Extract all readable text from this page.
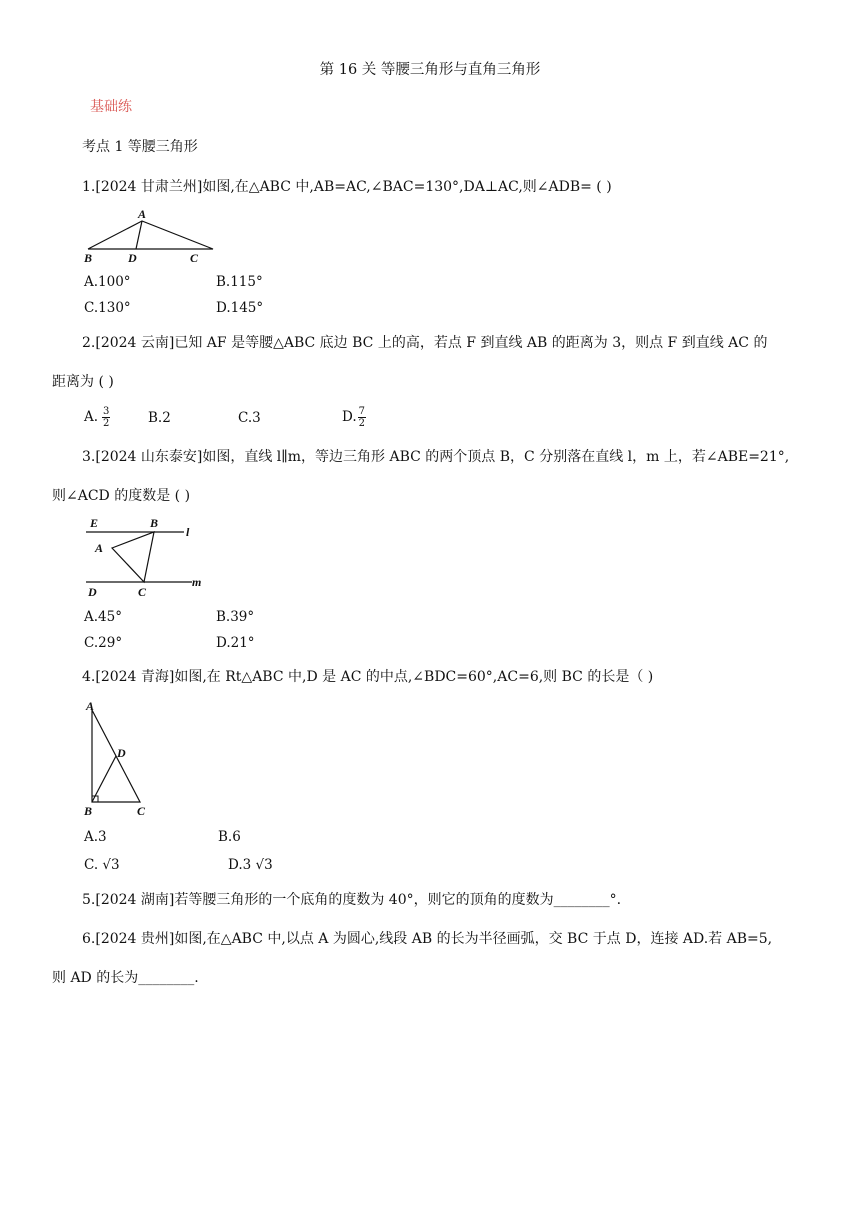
第 16 关 等腰三角形与直角三角形
基础练
考点 1 等腰三角形
1.[2024 甘肃兰州]如图,在△ABC 中,AB=AC,∠BAC=130°,DA⊥AC,则∠ADB= ( )
A
B	D	C
A.100°	B.115°
C.130°	D.145°
2.[2024 云南]已知 AF 是等腰△ABC 底边 BC 上的高，若点 F 到直线 AB 的距离为 3，则点 F 到直线 AC 的
距离为 ( )
A. $\frac{3}{2}$	B.2	C.3	D. $\frac{7}{2}$
3.[2024 山东泰安]如图，直线 l∥m，等边三角形 ABC 的两个顶点 B，C 分别落在直线 l，m 上，若∠ABE=21°,
则∠ACD 的度数是 ( )
E	B
l
A
D	C
m
A.45°	B.39°
C.29°	D.21°
4.[2024 青海]如图,在 Rt△ABC 中,D 是 AC 的中点,∠BDC=60°,AC=6,则 BC 的长是（ )
A
D
B	C
A.3	B.6
C. √3	D.3 √3
5.[2024 湖南]若等腰三角形的一个底角的度数为 40°，则它的顶角的度数为________°.
6.[2024 贵州]如图,在△ABC 中,以点 A 为圆心,线段 AB 的长为半径画弧，交 BC 于点 D，连接 AD.若 AB=5,
则 AD 的长为________.
